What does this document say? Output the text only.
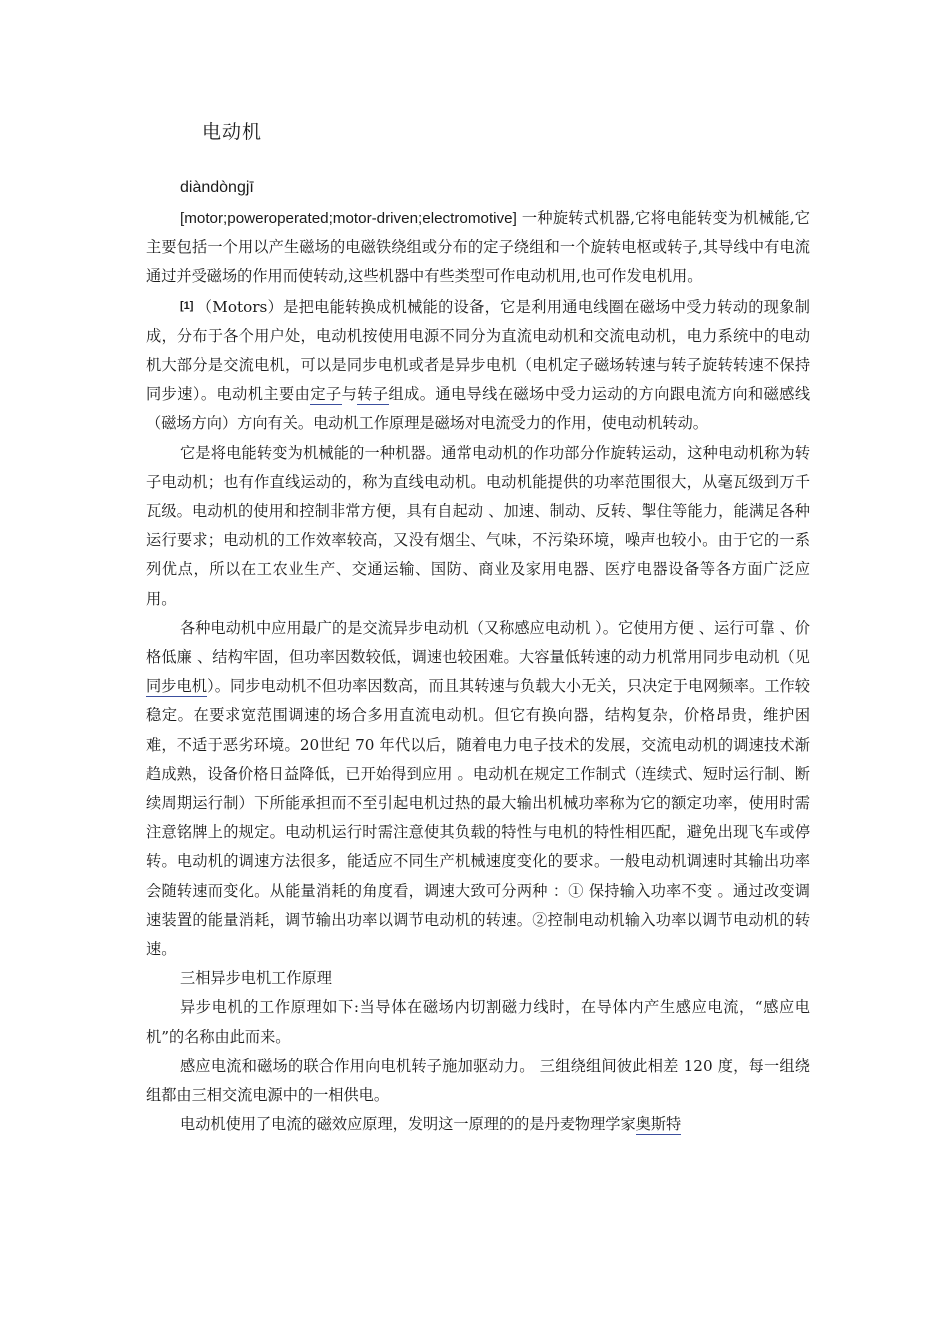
电动机
diàndòngjī

[motor;poweroperated;motor-driven;electromotive] 一种旋转式机器,它将电能转变为机械能,它主要包括一个用以产生磁场的电磁铁绕组或分布的定子绕组和一个旋转电枢或转子,其导线中有电流通过并受磁场的作用而使转动,这些机器中有些类型可作电动机用,也可作发电机用。

[1] （Motors）是把电能转换成机械能的设备，它是利用通电线圈在磁场中受力转动的现象制成，分布于各个用户处，电动机按使用电源不同分为直流电动机和交流电动机，电力系统中的电动机大部分是交流电机，可以是同步电机或者是异步电机（电机定子磁场转速与转子旋转转速不保持同步速）。电动机主要由定子与转子组成。通电导线在磁场中受力运动的方向跟电流方向和磁感线（磁场方向）方向有关。电动机工作原理是磁场对电流受力的作用，使电动机转动。

它是将电能转变为机械能的一种机器。通常电动机的作功部分作旋转运动，这种电动机称为转子电动机；也有作直线运动的，称为直线电动机。电动机能提供的功率范围很大，从毫瓦级到万千瓦级。电动机的使用和控制非常方便，具有自起动 、加速、制动、反转、掣住等能力，能满足各种运行要求；电动机的工作效率较高，又没有烟尘、气味，不污染环境，噪声也较小。由于它的一系列优点，所以在工农业生产、交通运输、国防、商业及家用电器、医疗电器设备等各方面广泛应用。

各种电动机中应用最广的是交流异步电动机（又称感应电动机 ）。它使用方便 、运行可靠 、价格低廉 、结构牢固，但功率因数较低，调速也较困难。大容量低转速的动力机常用同步电动机（见同步电机）。同步电动机不但功率因数高，而且其转速与负载大小无关，只决定于电网频率。工作较稳定。在要求宽范围调速的场合多用直流电动机。但它有换向器，结构复杂，价格昂贵，维护困难，不适于恶劣环境。20世纪 70 年代以后，随着电力电子技术的发展，交流电动机的调速技术渐趋成熟，设备价格日益降低，已开始得到应用 。电动机在规定工作制式（连续式、短时运行制、断续周期运行制）下所能承担而不至引起电机过热的最大输出机械功率称为它的额定功率，使用时需注意铭牌上的规定。电动机运行时需注意使其负载的特性与电机的特性相匹配，避免出现飞车或停转。电动机的调速方法很多，能适应不同生产机械速度变化的要求。一般电动机调速时其输出功率会随转速而变化。从能量消耗的角度看，调速大致可分两种 ：① 保持输入功率不变 。通过改变调速装置的能量消耗，调节输出功率以调节电动机的转速。②控制电动机输入功率以调节电动机的转速。

三相异步电机工作原理

异步电机的工作原理如下:当导体在磁场内切割磁力线时，在导体内产生感应电流，“感应电机”的名称由此而来。

感应电流和磁场的联合作用向电机转子施加驱动力。 三组绕组间彼此相差 120 度，每一组绕组都由三相交流电源中的一相供电。

电动机使用了电流的磁效应原理，发明这一原理的的是丹麦物理学家奥斯特
